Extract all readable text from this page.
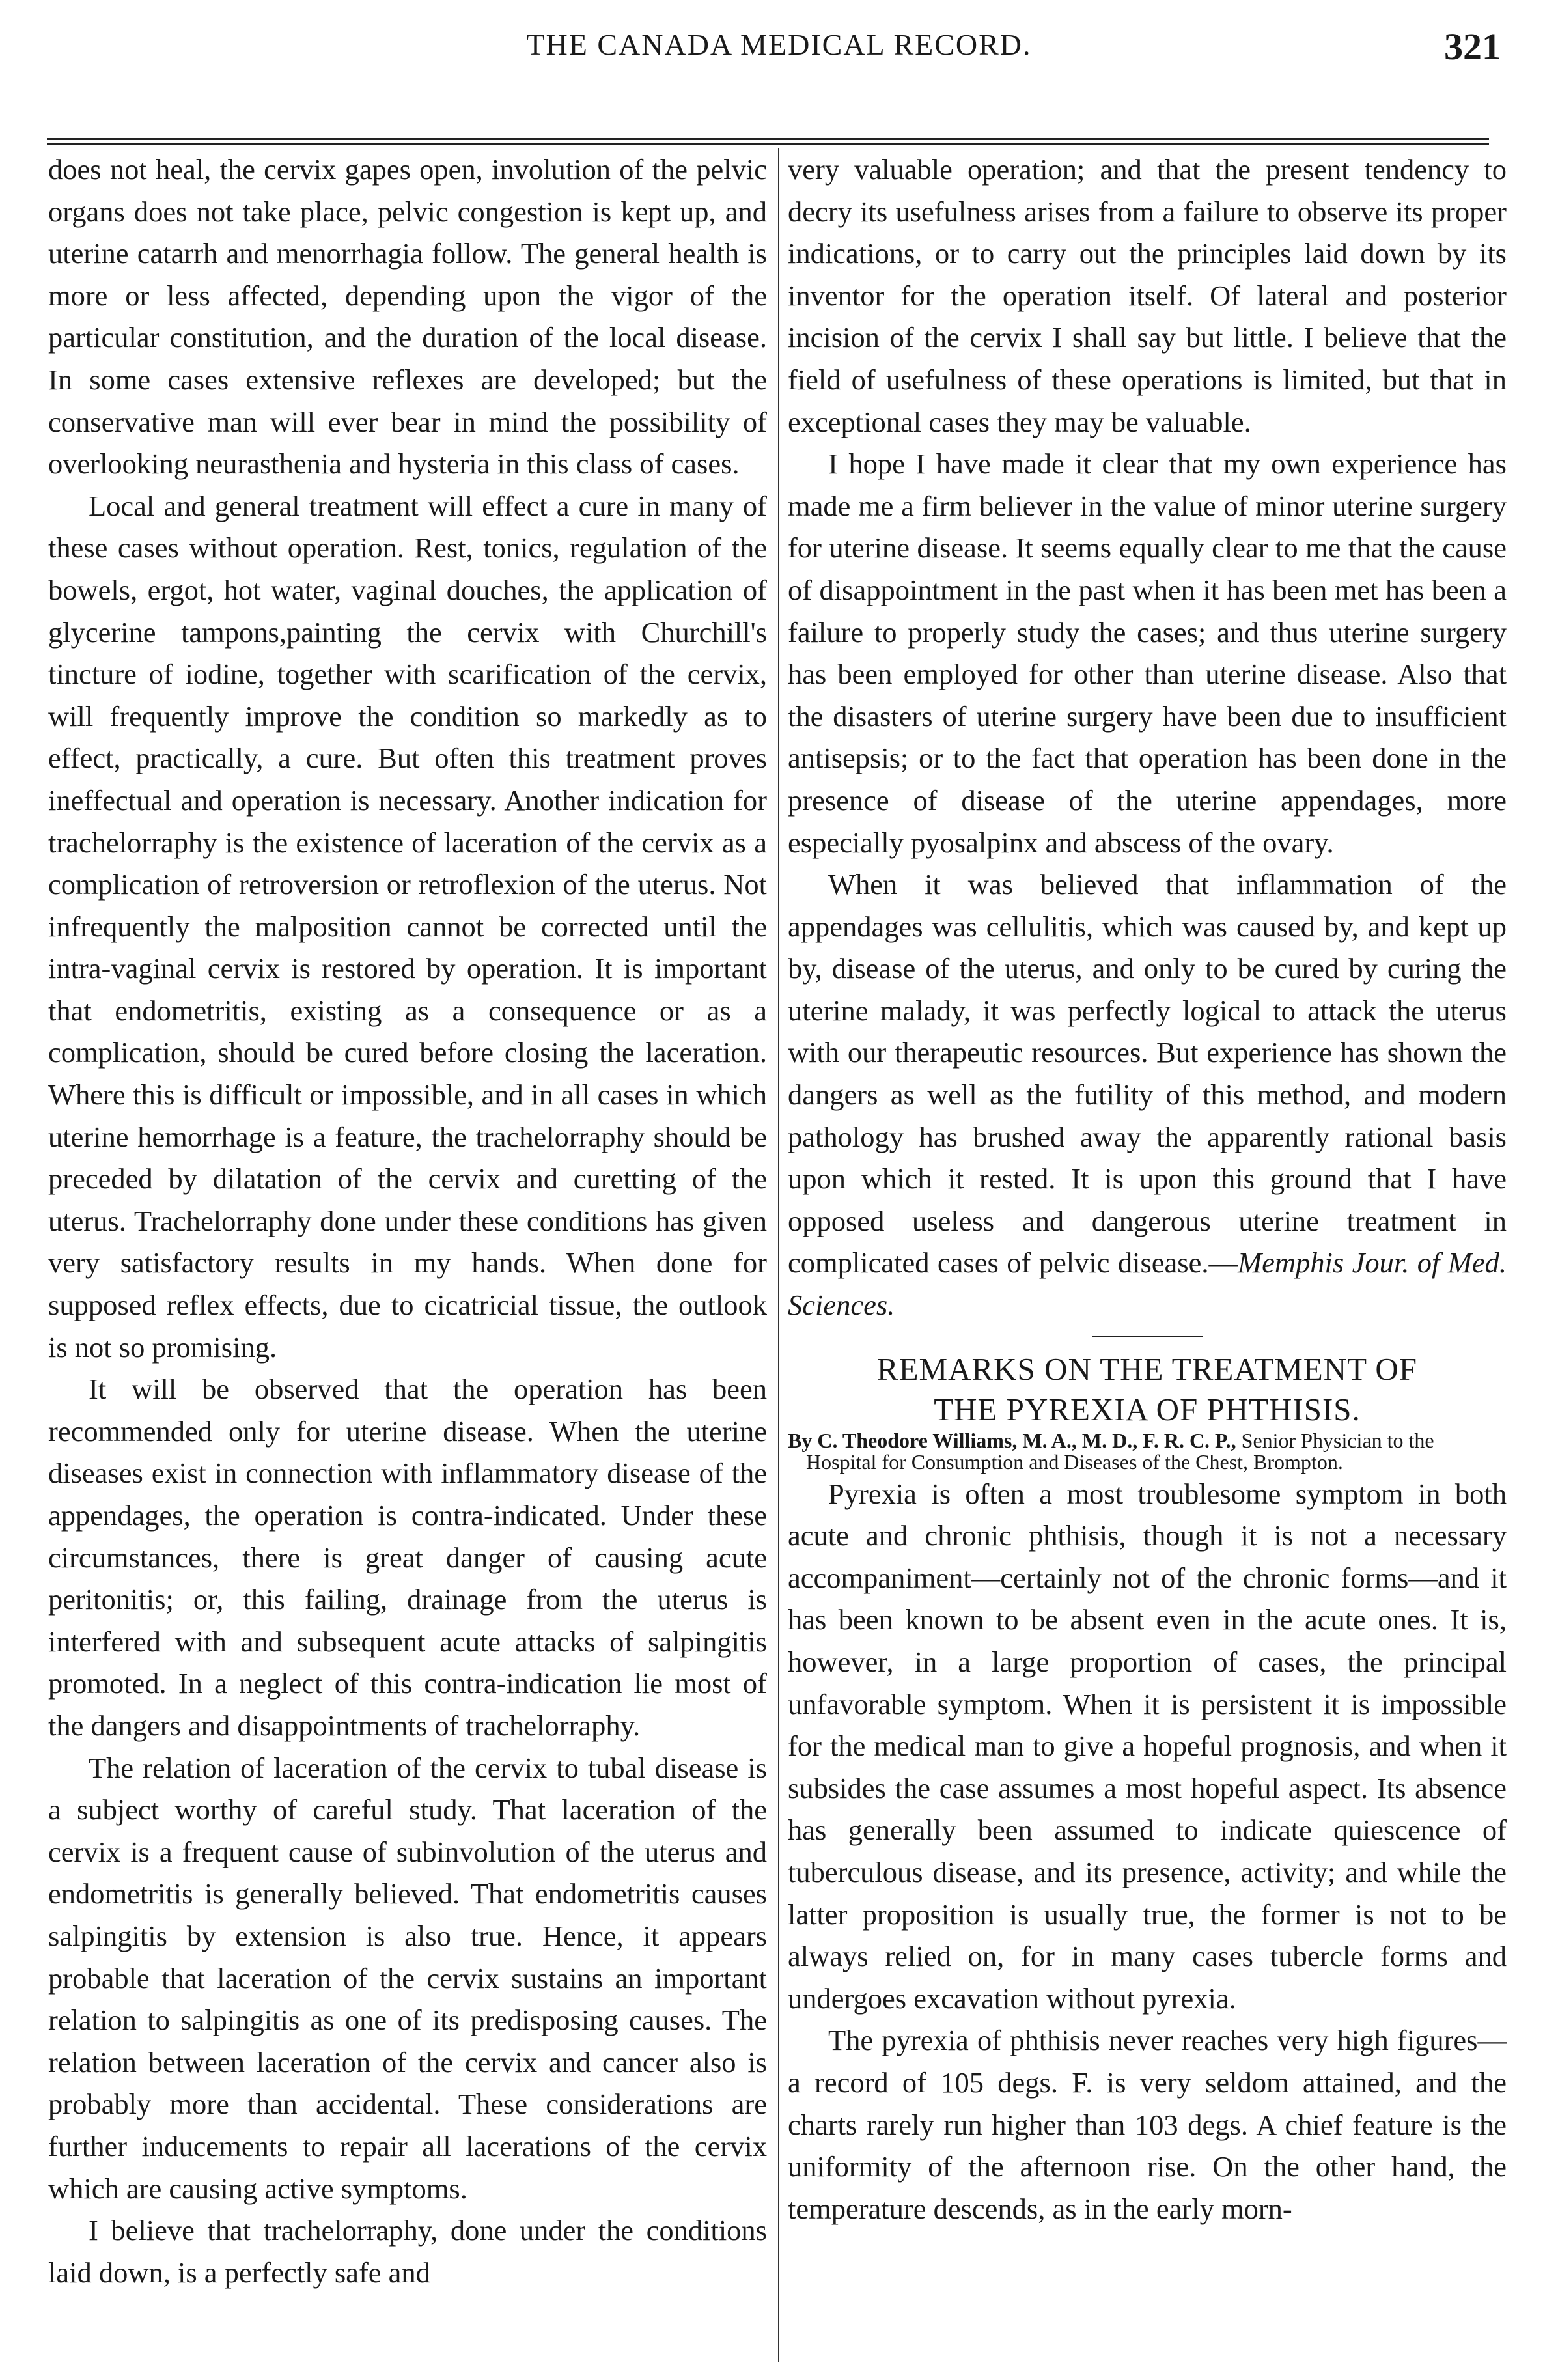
THE CANADA MEDICAL RECORD.	321

does not heal, the cervix gapes open, involution of the pelvic organs does not take place, pelvic congestion is kept up, and uterine catarrh and menorrhagia follow. The general health is more or less affected, depending upon the vigor of the particular constitution, and the duration of the local disease. In some cases extensive reflexes are developed; but the conservative man will ever bear in mind the possibility of overlooking neurasthenia and hysteria in this class of cases.

Local and general treatment will effect a cure in many of these cases without operation. Rest, tonics, regulation of the bowels, ergot, hot water, vaginal douches, the application of glycerine tampons,painting the cervix with Churchill's tincture of iodine, together with scarification of the cervix, will frequently improve the condition so markedly as to effect, practically, a cure. But often this treatment proves ineffectual and operation is necessary. Another indication for trachelorraphy is the existence of laceration of the cervix as a complication of retroversion or retroflexion of the uterus. Not infrequently the malposition cannot be corrected until the intra-vaginal cervix is restored by operation. It is important that endometritis, existing as a consequence or as a complication, should be cured before closing the laceration. Where this is difficult or impossible, and in all cases in which uterine hemorrhage is a feature, the trachelorraphy should be preceded by dilatation of the cervix and curetting of the uterus. Trachelorraphy done under these conditions has given very satisfactory results in my hands. When done for supposed reflex effects, due to cicatricial tissue, the outlook is not so promising.

It will be observed that the operation has been recommended only for uterine disease. When the uterine diseases exist in connection with inflammatory disease of the appendages, the operation is contra-indicated. Under these circumstances, there is great danger of causing acute peritonitis; or, this failing, drainage from the uterus is interfered with and subsequent acute attacks of salpingitis promoted. In a neglect of this contra-indication lie most of the dangers and disappointments of trachelorraphy.

The relation of laceration of the cervix to tubal disease is a subject worthy of careful study. That laceration of the cervix is a frequent cause of subinvolution of the uterus and endometritis is generally believed. That endometritis causes salpingitis by extension is also true. Hence, it appears probable that laceration of the cervix sustains an important relation to salpingitis as one of its predisposing causes. The relation between laceration of the cervix and cancer also is probably more than accidental. These considerations are further inducements to repair all lacerations of the cervix which are causing active symptoms.

I believe that trachelorraphy, done under the conditions laid down, is a perfectly safe and

very valuable operation; and that the present tendency to decry its usefulness arises from a failure to observe its proper indications, or to carry out the principles laid down by its inventor for the operation itself. Of lateral and posterior incision of the cervix I shall say but little. I believe that the field of usefulness of these operations is limited, but that in exceptional cases they may be valuable.

I hope I have made it clear that my own experience has made me a firm believer in the value of minor uterine surgery for uterine disease. It seems equally clear to me that the cause of disappointment in the past when it has been met has been a failure to properly study the cases; and thus uterine surgery has been employed for other than uterine disease. Also that the disasters of uterine surgery have been due to insufficient antisepsis; or to the fact that operation has been done in the presence of disease of the uterine appendages, more especially pyosalpinx and abscess of the ovary.

When it was believed that inflammation of the appendages was cellulitis, which was caused by, and kept up by, disease of the uterus, and only to be cured by curing the uterine malady, it was perfectly logical to attack the uterus with our therapeutic resources. But experience has shown the dangers as well as the futility of this method, and modern pathology has brushed away the apparently rational basis upon which it rested. It is upon this ground that I have opposed useless and dangerous uterine treatment in complicated cases of pelvic disease.—Memphis Jour. of Med. Sciences.

REMARKS ON THE TREATMENT OF
THE PYREXIA OF PHTHISIS.

By C. Theodore Williams, M. A., M. D., F. R. C. P., Senior Physician to the Hospital for Consumption and Diseases of the Chest, Brompton.

Pyrexia is often a most troublesome symptom in both acute and chronic phthisis, though it is not a necessary accompaniment—certainly not of the chronic forms—and it has been known to be absent even in the acute ones. It is, however, in a large proportion of cases, the principal unfavorable symptom. When it is persistent it is impossible for the medical man to give a hopeful prognosis, and when it subsides the case assumes a most hopeful aspect. Its absence has generally been assumed to indicate quiescence of tuberculous disease, and its presence, activity; and while the latter proposition is usually true, the former is not to be always relied on, for in many cases tubercle forms and undergoes excavation without pyrexia.

The pyrexia of phthisis never reaches very high figures—a record of 105 degs. F. is very seldom attained, and the charts rarely run higher than 103 degs. A chief feature is the uniformity of the afternoon rise. On the other hand, the temperature descends, as in the early morn-
